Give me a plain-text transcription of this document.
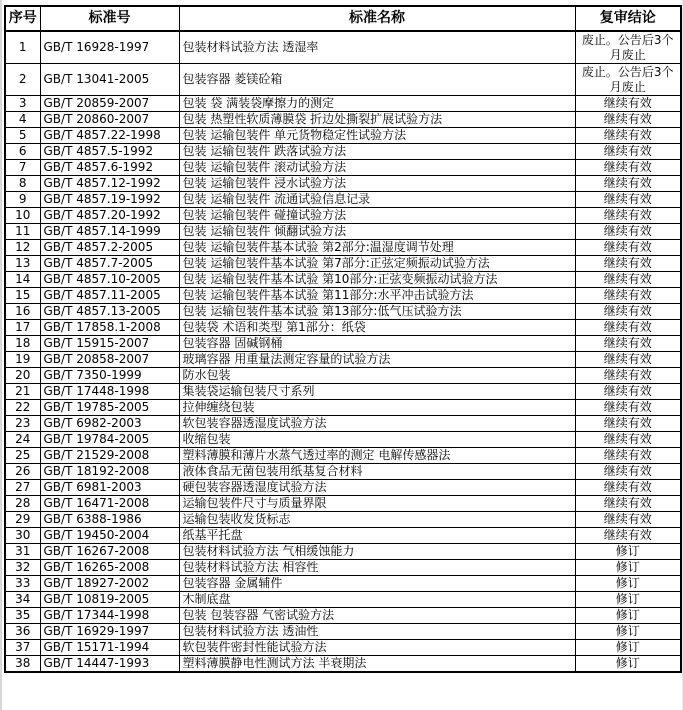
序号	标准号	标准名称	复审结论
1	GB/T 16928-1997	包装材料试验方法 透湿率	废止。公告后3个月废止
2	GB/T 13041-2005	包装容器 菱镁砼箱	废止。公告后3个月废止
3	GB/T 20859-2007	包装 袋 满装袋摩擦力的测定	继续有效
4	GB/T 20860-2007	包装 热塑性软质薄膜袋 折边处撕裂扩展试验方法	继续有效
5	GB/T 4857.22-1998	包装 运输包装件 单元货物稳定性试验方法	继续有效
6	GB/T 4857.5-1992	包装 运输包装件 跌落试验方法	继续有效
7	GB/T 4857.6-1992	包装 运输包装件 滚动试验方法	继续有效
8	GB/T 4857.12-1992	包装 运输包装件 浸水试验方法	继续有效
9	GB/T 4857.19-1992	包装 运输包装件 流通试验信息记录	继续有效
10	GB/T 4857.20-1992	包装 运输包装件 碰撞试验方法	继续有效
11	GB/T 4857.14-1999	包装 运输包装件 倾翻试验方法	继续有效
12	GB/T 4857.2-2005	包装 运输包装件基本试验 第2部分:温湿度调节处理	继续有效
13	GB/T 4857.7-2005	包装 运输包装件基本试验 第7部分:正弦定频振动试验方法	继续有效
14	GB/T 4857.10-2005	包装 运输包装件基本试验 第10部分:正弦变频振动试验方法	继续有效
15	GB/T 4857.11-2005	包装 运输包装件基本试验 第11部分:水平冲击试验方法	继续有效
16	GB/T 4857.13-2005	包装 运输包装件基本试验 第13部分:低气压试验方法	继续有效
17	GB/T 17858.1-2008	包装袋 术语和类型 第1部分：纸袋	继续有效
18	GB/T 15915-2007	包装容器 固碱钢桶	继续有效
19	GB/T 20858-2007	玻璃容器 用重量法测定容量的试验方法	继续有效
20	GB/T 7350-1999	防水包装	继续有效
21	GB/T 17448-1998	集装袋运输包装尺寸系列	继续有效
22	GB/T 19785-2005	拉伸缠绕包装	继续有效
23	GB/T 6982-2003	软包装容器透湿度试验方法	继续有效
24	GB/T 19784-2005	收缩包装	继续有效
25	GB/T 21529-2008	塑料薄膜和薄片水蒸气透过率的测定 电解传感器法	继续有效
26	GB/T 18192-2008	液体食品无菌包装用纸基复合材料	继续有效
27	GB/T 6981-2003	硬包装容器透湿度试验方法	继续有效
28	GB/T 16471-2008	运输包装件尺寸与质量界限	继续有效
29	GB/T 6388-1986	运输包装收发货标志	继续有效
30	GB/T 19450-2004	纸基平托盘	继续有效
31	GB/T 16267-2008	包装材料试验方法 气相缓蚀能力	修订
32	GB/T 16265-2008	包装材料试验方法 相容性	修订
33	GB/T 18927-2002	包装容器 金属辅件	修订
34	GB/T 10819-2005	木制底盘	修订
35	GB/T 17344-1998	包装 包装容器 气密试验方法	修订
36	GB/T 16929-1997	包装材料试验方法 透油性	修订
37	GB/T 15171-1994	软包装件密封性能试验方法	修订
38	GB/T 14447-1993	塑料薄膜静电性测试方法 半衰期法	修订
